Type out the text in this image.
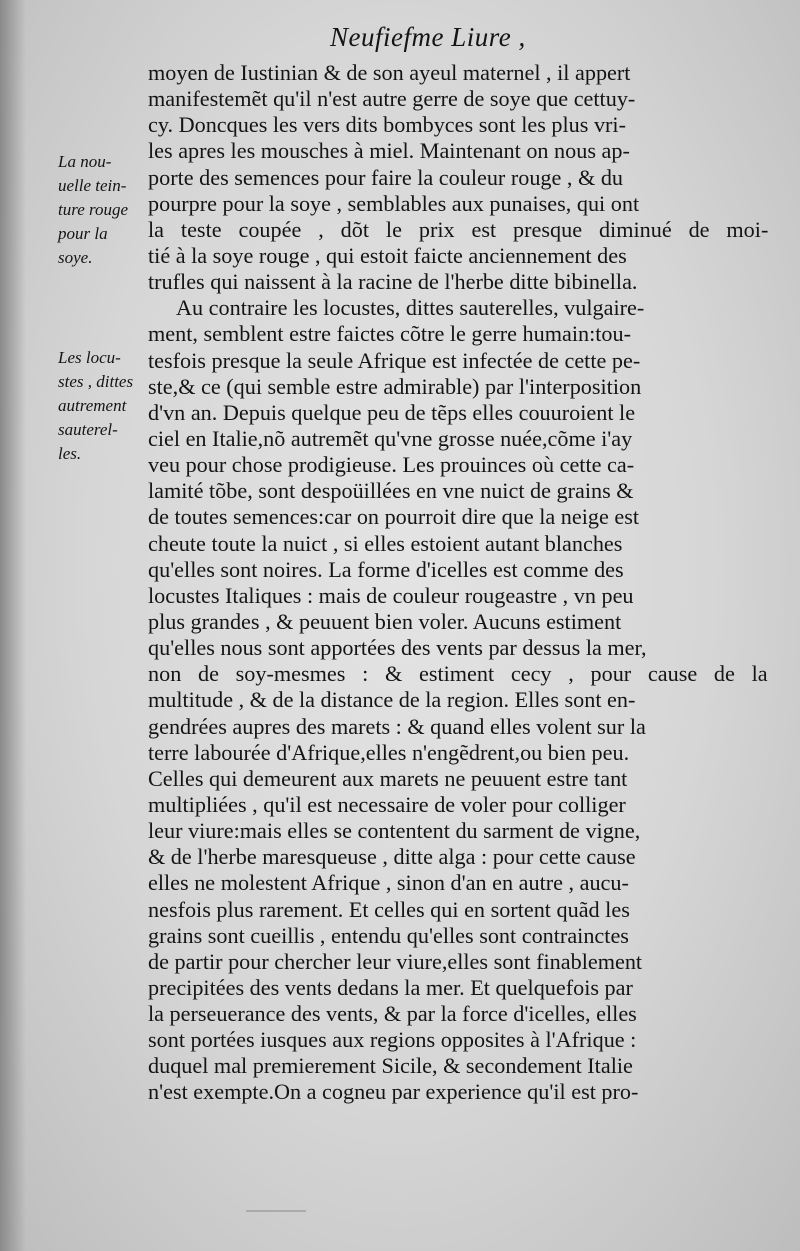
Neufiefme Liure ,
La nou-
uelle tein-
ture rouge
pour la
soye.
Les locu-
stes , dittes
autrement
sauterel-
les.
moyen de Iustinian & de son ayeul maternel , il appert
manifestemẽt qu'il n'est autre gerre de soye que cettuy-
cy. Doncques les vers dits bombyces sont les plus vri-
les apres les mousches à miel. Maintenant on nous ap-
porte des semences pour faire la couleur rouge , & du
pourpre pour la soye , semblables aux punaises, qui ont
la teste coupée , dõt le prix est presque diminué de moi-
tié à la soye rouge , qui estoit faicte anciennement des
trufles qui naissent à la racine de l'herbe ditte bibinella.
Au contraire les locustes, dittes sauterelles, vulgaire-
ment, semblent estre faictes cõtre le gerre humain:tou-
tesfois presque la seule Afrique est infectée de cette pe-
ste,& ce (qui semble estre admirable) par l'interposition
d'vn an. Depuis quelque peu de tẽps elles couuroient le
ciel en Italie,nõ autremẽt qu'vne grosse nuée,cõme i'ay
veu pour chose prodigieuse. Les prouinces où cette ca-
lamité tõbe, sont despoüillées en vne nuict de grains &
de toutes semences:car on pourroit dire que la neige est
cheute toute la nuict , si elles estoient autant blanches
qu'elles sont noires. La forme d'icelles est comme des
locustes Italiques : mais de couleur rougeastre , vn peu
plus grandes , & peuuent bien voler. Aucuns estiment
qu'elles nous sont apportées des vents par dessus la mer,
non de soy-mesmes : & estiment cecy , pour cause de la
multitude , & de la distance de la region. Elles sont en-
gendrées aupres des marets : & quand elles volent sur la
terre labourée d'Afrique,elles n'engẽdrent,ou bien peu.
Celles qui demeurent aux marets ne peuuent estre tant
multipliées , qu'il est necessaire de voler pour colliger
leur viure:mais elles se contentent du sarment de vigne,
& de l'herbe maresqueuse , ditte alga : pour cette cause
elles ne molestent Afrique , sinon d'an en autre , aucu-
nesfois plus rarement. Et celles qui en sortent quãd les
grains sont cueillis , entendu qu'elles sont contrainctes
de partir pour chercher leur viure,elles sont finablement
precipitées des vents dedans la mer. Et quelquefois par
la perseuerance des vents, & par la force d'icelles, elles
sont portées iusques aux regions opposites à l'Afrique :
duquel mal premierement Sicile, & secondement Italie
n'est exempte.On a cogneu par experience qu'il est pro-
